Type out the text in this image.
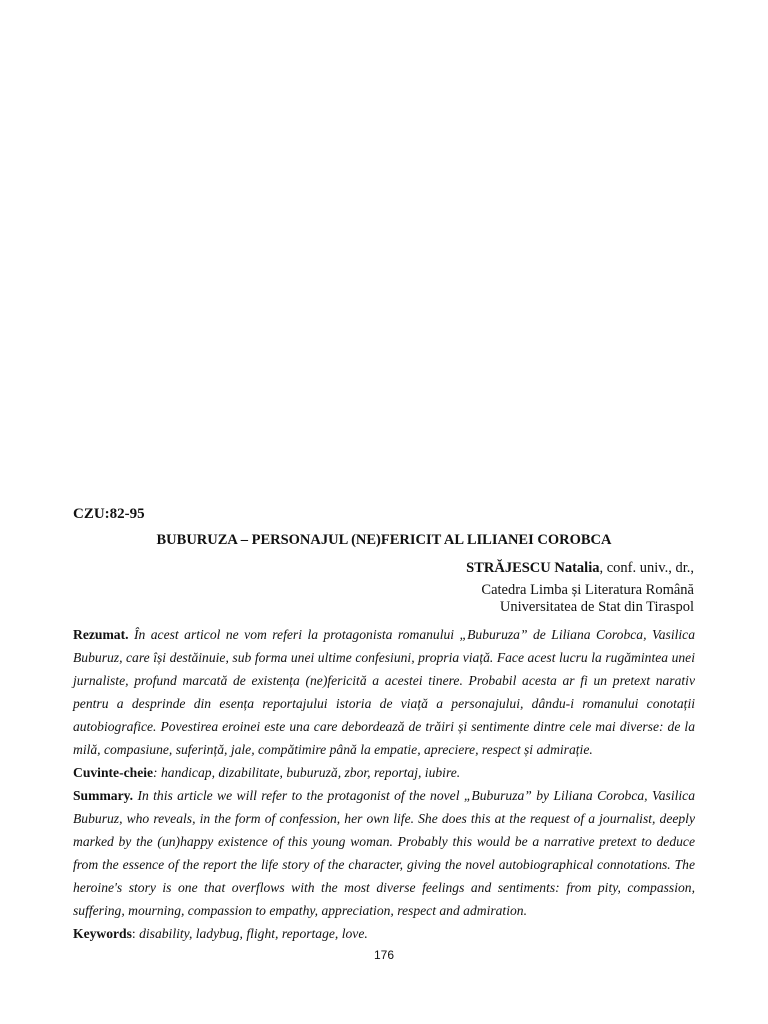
CZU:82-95
BUBURUZA – PERSONAJUL (NE)FERICIT AL LILIANEI COROBCA
STRĂJESCU Natalia, conf. univ., dr.,
Catedra Limba și Literatura Română
Universitatea de Stat din Tiraspol
Rezumat. În acest articol ne vom referi la protagonista romanului „Buburuza” de Liliana Corobca, Vasilica Buburuz, care își destăinuie, sub forma unei ultime confesiuni, propria viață. Face acest lucru la rugămintea unei jurnaliste, profund marcată de existența (ne)fericită a acestei tinere. Probabil acesta ar fi un pretext narativ pentru a desprinde din esența reportajului istoria de viață a personajului, dându-i romanului conotații autobiografice. Povestirea eroinei este una care debordează de trăiri și sentimente dintre cele mai diverse: de la milă, compasiune, suferință, jale, compătimire până la empatie, apreciere, respect și admirație.
Cuvinte-cheie: handicap, dizabilitate, buburuză, zbor, reportaj, iubire.
Summary. In this article we will refer to the protagonist of the novel „Buburuza” by Liliana Corobca, Vasilica Buburuz, who reveals, in the form of confession, her own life. She does this at the request of a journalist, deeply marked by the (un)happy existence of this young woman. Probably this would be a narrative pretext to deduce from the essence of the report the life story of the character, giving the novel autobiographical connotations. The heroine's story is one that overflows with the most diverse feelings and sentiments: from pity, compassion, suffering, mourning, compassion to empathy, appreciation, respect and admiration.
Keywords: disability, ladybug, flight, reportage, love.
176
